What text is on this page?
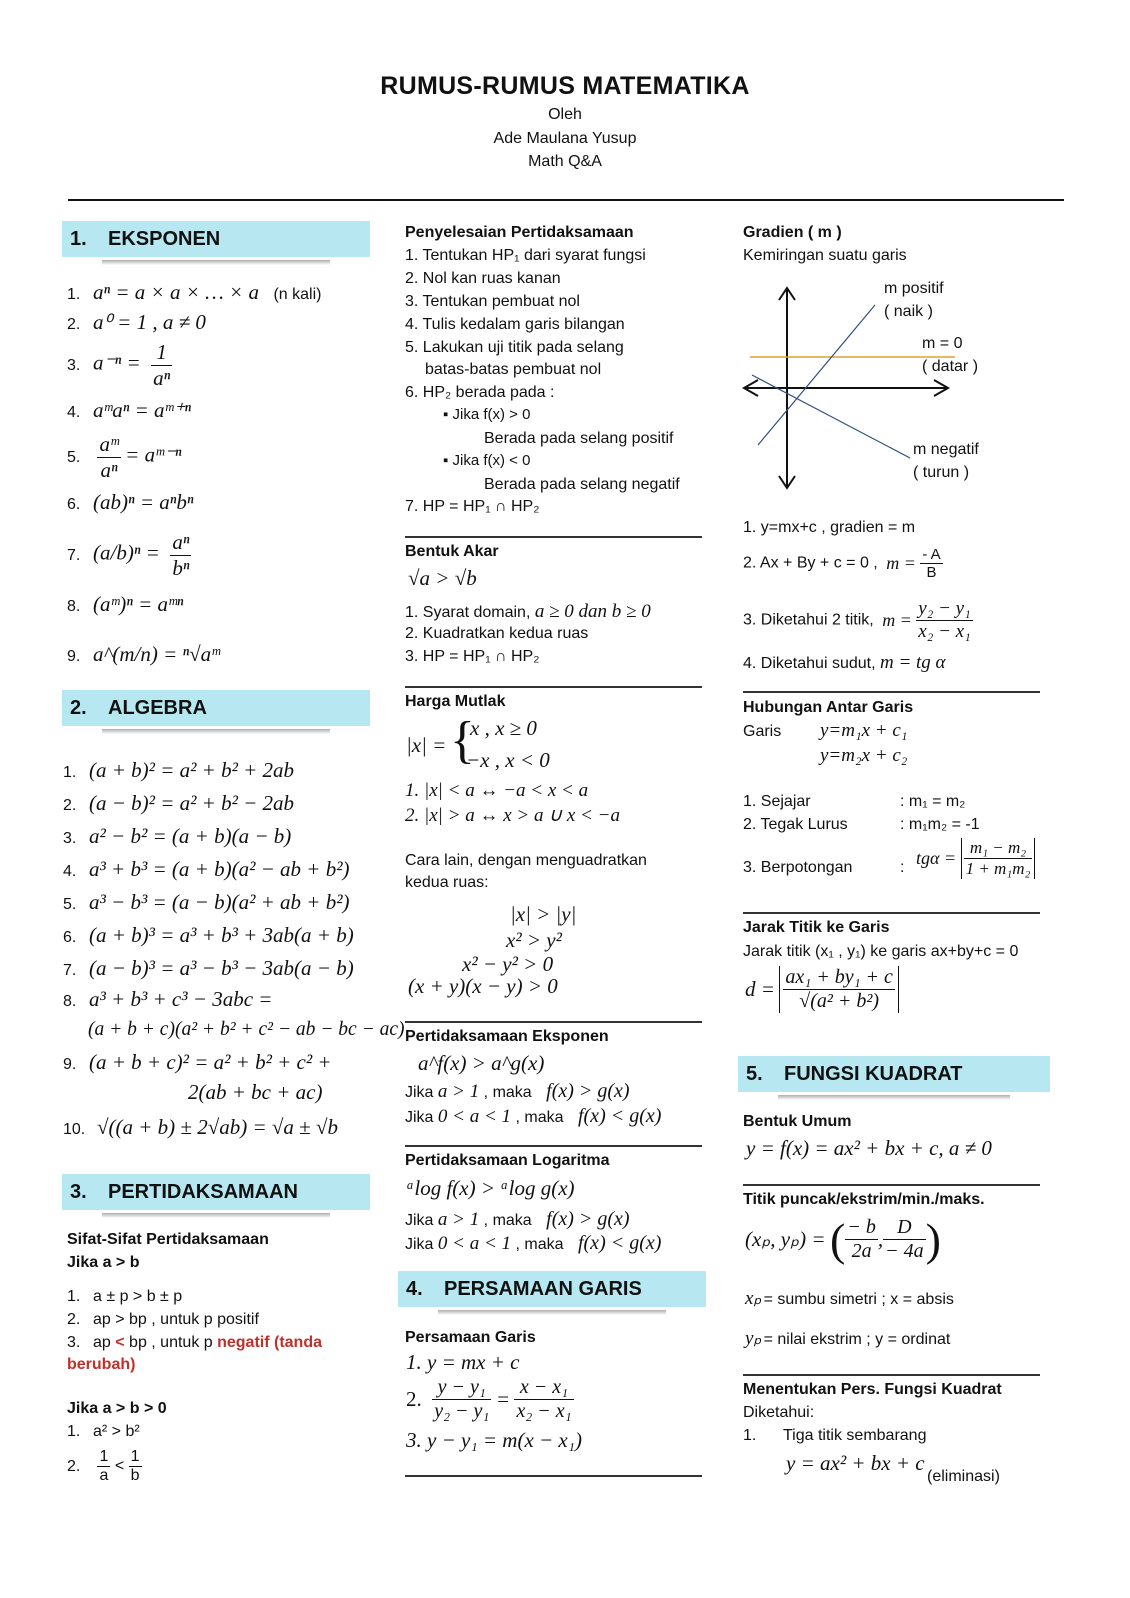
RUMUS-RUMUS MATEMATIKA
Oleh
Ade Maulana Yusup
Math Q&A
1. EKSPONEN
1. aⁿ = a × a × … × a (n kali)
2. a⁰ = 1 , a ≠ 0
3. $a^{-n} = \frac{1}{\text{aⁿ}}$
4. aᵐaⁿ = aᵐ⁺ⁿ
5. $\frac{\text{aᵐ}}{\text{aⁿ}}$ = aᵐ⁻ⁿ
6. (ab)ⁿ = aⁿbⁿ
7. $(a/b)^n = \frac{\text{aⁿ}}{\text{bⁿ}}$
8. (aᵐ)ⁿ = aᵐⁿ
9. a^(m/n) = ⁿ√aᵐ
2. ALGEBRA
1. (a + b)² = a² + b² + 2ab
2. (a − b)² = a² + b² − 2ab
3. a² − b² = (a + b)(a − b)
4. a³ + b³ = (a + b)(a² − ab + b²)
5. a³ − b³ = (a − b)(a² + ab + b²)
6. (a + b)³ = a³ + b³ + 3ab(a + b)
7. (a − b)³ = a³ − b³ − 3ab(a − b)
8. a³ + b³ + c³ − 3abc =
(a + b + c)(a² + b² + c² − ab − bc − ac)
9. (a + b + c)² = a² + b² + c² +
2(ab + bc + ac)
10. √((a + b) ± 2√ab) = √a ± √b
3. PERTIDAKSAMAAN
Sifat-Sifat Pertidaksamaan
Jika a > b
1. a ± p > b ± p
2. ap > bp , untuk p positif
3. ap < bp , untuk p negatif (tanda
berubah)
Jika a > b > 0
1. a² > b²
2. $\frac{1}{a} < \frac{1}{b}$
Penyelesaian Pertidaksamaan
1. Tentukan HP₁ dari syarat fungsi
2. Nol kan ruas kanan
3. Tentukan pembuat nol
4. Tulis kedalam garis bilangan
5. Lakukan uji titik pada selang
batas-batas pembuat nol
6. HP₂ berada pada :
▪ Jika f(x) > 0
Berada pada selang positif
▪ Jika f(x) < 0
Berada pada selang negatif
7. HP = HP₁ ∩ HP₂
Bentuk Akar
√a > √b
1. Syarat domain, a ≥ 0 dan b ≥ 0
2. Kuadratkan kedua ruas
3. HP = HP₁ ∩ HP₂
Harga Mutlak
|x| = {
x , x ≥ 0
−x , x < 0
1. |x| < a ↔ −a < x < a
2. |x| > a ↔ x > a ∪ x < −a
Cara lain, dengan menguadratkan
kedua ruas:
|x| > |y|
x² > y²
x² − y² > 0
(x + y)(x − y) > 0
Pertidaksamaan Eksponen
a^f(x) > a^g(x)
Jika a > 1 , maka f(x) > g(x)
Jika 0 < a < 1 , maka f(x) < g(x)
Pertidaksamaan Logaritma
ᵃlog f(x) > ᵃlog g(x)
Jika a > 1 , maka f(x) > g(x)
Jika 0 < a < 1 , maka f(x) < g(x)
4. PERSAMAAN GARIS
Persamaan Garis
1. y = mx + c
2. $\frac{\text{y − y₁}}{\text{y₂ − y₁}} = \frac{\text{x − x₁}}{\text{x₂ − x₁}}$
3. y − y₁ = m(x − x₁)
Gradien ( m )
Kemiringan suatu garis
m positif
( naik )
m = 0
( datar )
m negatif
( turun )
1. y=mx+c , gradien = m
2. Ax + By + c = 0 , $m = \frac{- A}{B}$
3. Diketahui 2 titik, $m = \frac{\text{y₂ − y₁}}{\text{x₂ − x₁}}$
4. Diketahui sudut, m = tg α
Hubungan Antar Garis
Garis y=m₁x + c₁
y=m₂x + c₂
1. Sejajar	: m₁ = m₂
2. Tegak Lurus	: m₁m₂ = -1
3. Berpotongan	: $tg\alpha = \frac{\text{m₁ − m₂}}{\text{1 + m₁m₂}}$
Jarak Titik ke Garis
Jarak titik (x₁ , y₁) ke garis ax+by+c = 0
$d = \frac{\text{ax₁ + by₁ + c}}{\text{√(a² + b²)}}$
5. FUNGSI KUADRAT
Bentuk Umum
y = f(x) = ax² + bx + c, a ≠ 0
Titik puncak/ekstrim/min./maks.
(xₚ, yₚ) = ( $\frac{- b}{2a}$ , $\frac{D}{- 4a}$ )
xₚ = sumbu simetri ; x = absis
yₚ = nilai ekstrim ; y = ordinat
Menentukan Pers. Fungsi Kuadrat
Diketahui:
1. Tiga titik sembarang
y = ax² + bx + c
(eliminasi)
